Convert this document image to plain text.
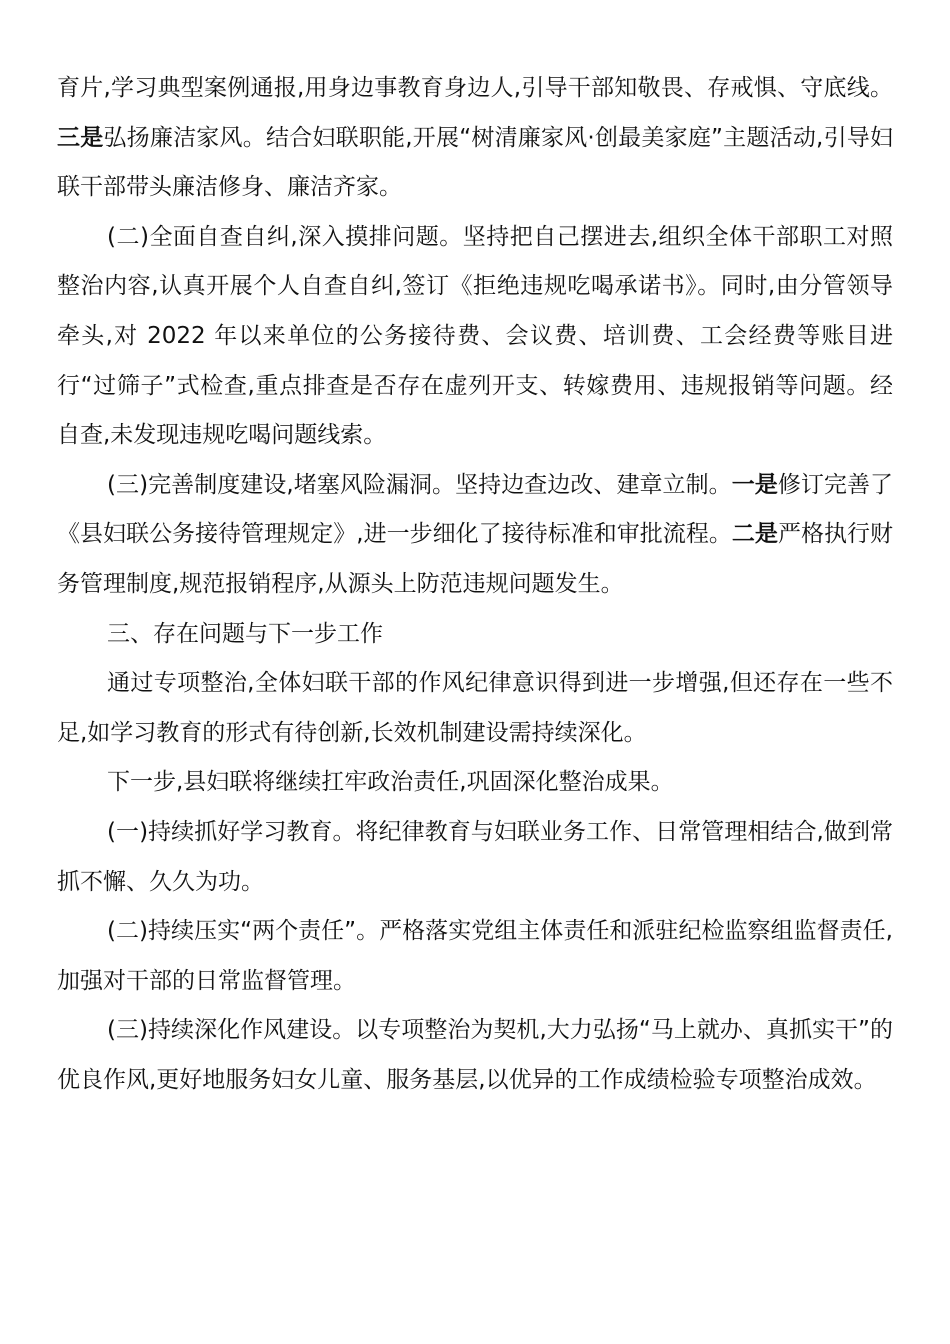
育片,学习典型案例通报,用身边事教育身边人,引导干部知敬畏、存戒惧、守底线。三是弘扬廉洁家风。结合妇联职能,开展“树清廉家风·创最美家庭”主题活动,引导妇联干部带头廉洁修身、廉洁齐家。

(二)全面自查自纠,深入摸排问题。坚持把自己摆进去,组织全体干部职工对照整治内容,认真开展个人自查自纠,签订《拒绝违规吃喝承诺书》。同时,由分管领导牵头,对 2022 年以来单位的公务接待费、会议费、培训费、工会经费等账目进行“过筛子”式检查,重点排查是否存在虚列开支、转嫁费用、违规报销等问题。经自查,未发现违规吃喝问题线索。

(三)完善制度建设,堵塞风险漏洞。坚持边查边改、建章立制。一是修订完善了《县妇联公务接待管理规定》,进一步细化了接待标准和审批流程。二是严格执行财务管理制度,规范报销程序,从源头上防范违规问题发生。

三、存在问题与下一步工作

通过专项整治,全体妇联干部的作风纪律意识得到进一步增强,但还存在一些不足,如学习教育的形式有待创新,长效机制建设需持续深化。

下一步,县妇联将继续扛牢政治责任,巩固深化整治成果。

(一)持续抓好学习教育。将纪律教育与妇联业务工作、日常管理相结合,做到常抓不懈、久久为功。

(二)持续压实“两个责任”。严格落实党组主体责任和派驻纪检监察组监督责任,加强对干部的日常监督管理。

(三)持续深化作风建设。以专项整治为契机,大力弘扬“马上就办、真抓实干”的优良作风,更好地服务妇女儿童、服务基层,以优异的工作成绩检验专项整治成效。
